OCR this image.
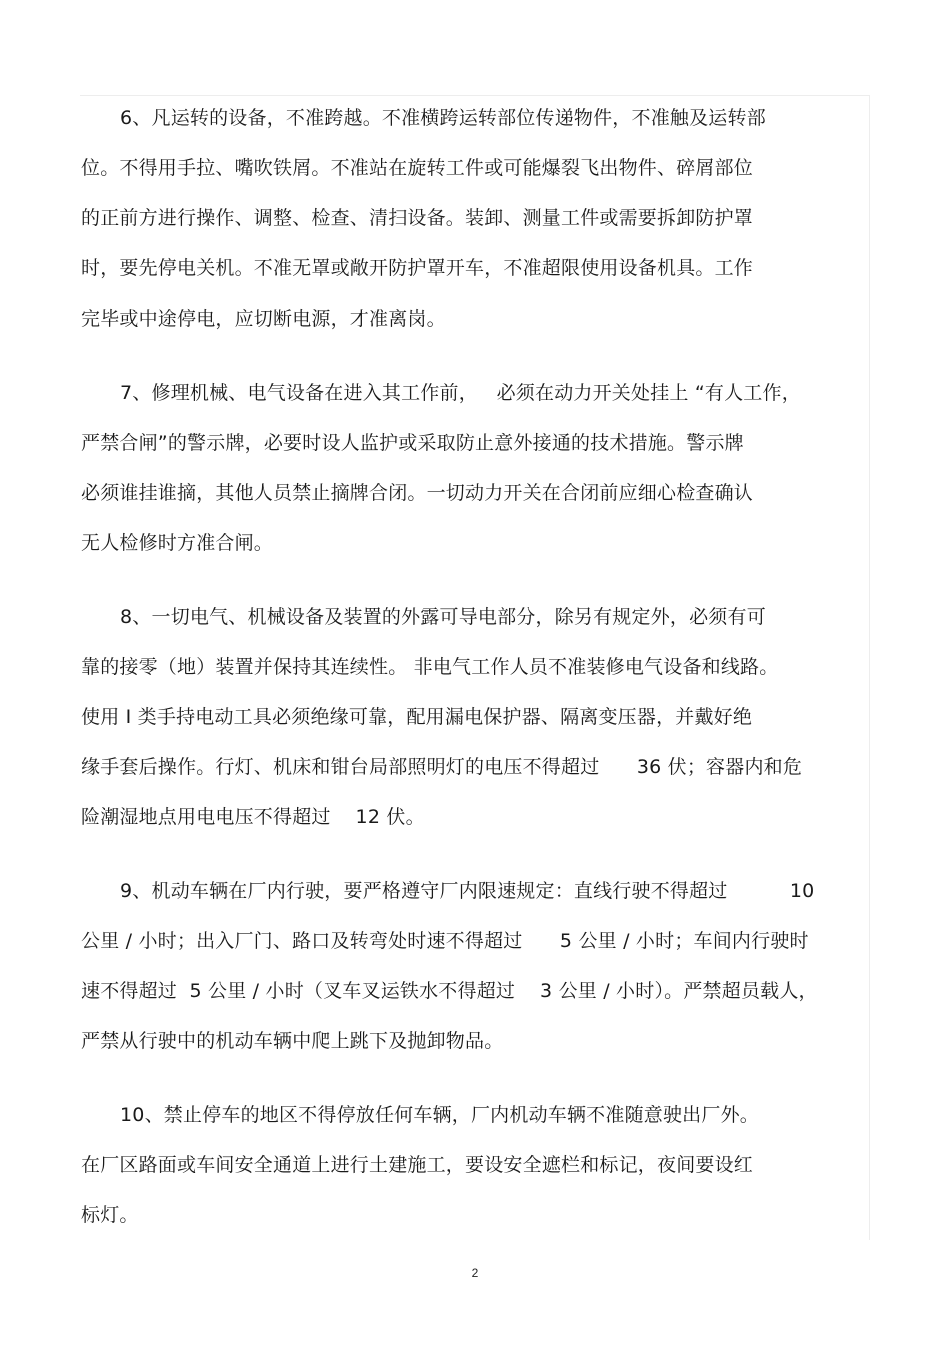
6、凡运转的设备，不准跨越。不准横跨运转部位传递物件，不准触及运转部
位。不得用手拉、嘴吹铁屑。不准站在旋转工件或可能爆裂飞出物件、碎屑部位
的正前方进行操作、调整、检查、清扫设备。装卸、测量工件或需要拆卸防护罩
时，要先停电关机。不准无罩或敞开防护罩开车，不准超限使用设备机具。工作
完毕或中途停电，应切断电源，才准离岗。
7、修理机械、电气设备在进入其工作前，   必须在动力开关处挂上 “有人工作，
严禁合闸”的警示牌，必要时设人监护或采取防止意外接通的技术措施。警示牌
必须谁挂谁摘，其他人员禁止摘牌合闭。一切动力开关在合闭前应细心检查确认
无人检修时方准合闸。
8、一切电气、机械设备及装置的外露可导电部分，除另有规定外，必须有可
靠的接零（地）装置并保持其连续性。 非电气工作人员不准装修电气设备和线路。
使用 Ⅰ 类手持电动工具必须绝缘可靠，配用漏电保护器、隔离变压器，并戴好绝
缘手套后操作。行灯、机床和钳台局部照明灯的电压不得超过      36 伏；容器内和危
险潮湿地点用电电压不得超过    12 伏。
9、机动车辆在厂内行驶，要严格遵守厂内限速规定：直线行驶不得超过          10
公里 / 小时；出入厂门、路口及转弯处时速不得超过      5 公里 / 小时；车间内行驶时
速不得超过  5 公里 / 小时（叉车叉运铁水不得超过    3 公里 / 小时）。严禁超员载人，
严禁从行驶中的机动车辆中爬上跳下及抛卸物品。
10、禁止停车的地区不得停放任何车辆，厂内机动车辆不准随意驶出厂外。
在厂区路面或车间安全通道上进行土建施工，要设安全遮栏和标记，夜间要设红
标灯。
2
